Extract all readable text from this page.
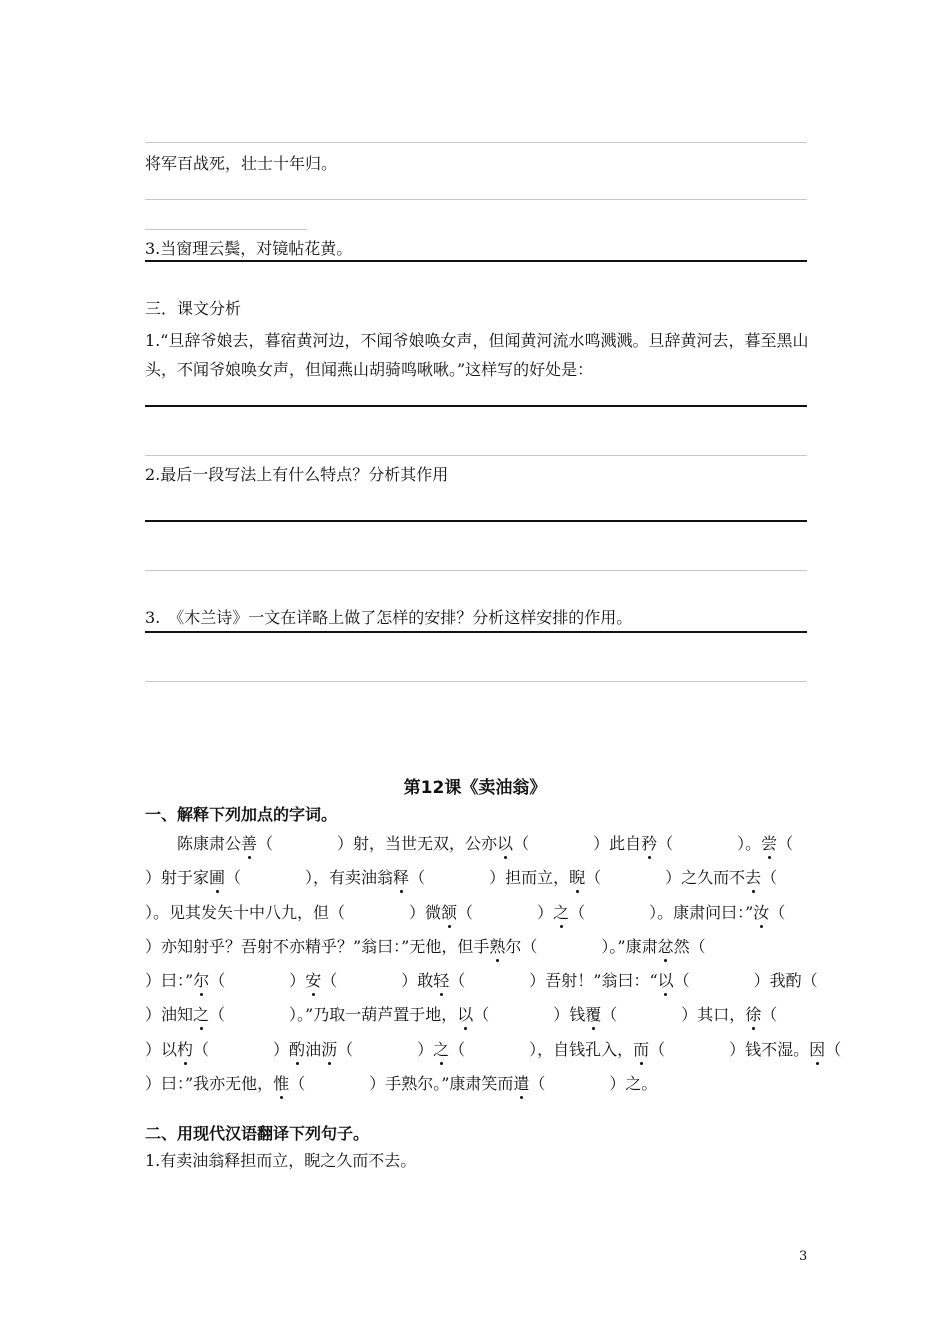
将军百战死，壮士十年归。
3.当窗理云鬓，对镜帖花黄。
三．课文分析
1.“旦辞爷娘去，暮宿黄河边，不闻爷娘唤女声，但闻黄河流水鸣溅溅。旦辞黄河去，暮至黑山头，不闻爷娘唤女声，但闻燕山胡骑鸣啾啾。”这样写的好处是：
2.最后一段写法上有什么特点？分析其作用
3.　《木兰诗》一文在详略上做了怎样的安排？分析这样安排的作用。
第12课《卖油翁》
一、解释下列加点的字词。
　　陈康肃公善（　　　　）射，当世无双，公亦以（　　　　）此自矜（　　　　）。尝（
）射于家圃（　　　　），有卖油翁释（　　　　）担而立，睨（　　　　）之久而不去（
）。见其发矢十中八九，但（　　　　）微颔（　　　　）之（　　　　）。康肃问曰：”汝（
）亦知射乎？吾射不亦精乎？”翁曰：”无他，但手熟尔（　　　　）。”康肃忿然（
）曰：”尔（　　　　）安（　　　　）敢轻（　　　　）吾射！”翁曰：“以（　　　　）我酌（
）油知之（　　　　）。”乃取一葫芦置于地，以（　　　　）钱覆（　　　　）其口，徐（
）以杓（　　　　）酌油沥（　　　　）之（　　　　），自钱孔入，而（　　　　）钱不湿。因（
）曰：”我亦无他，惟（　　　　）手熟尔。”康肃笑而遣（　　　　）之。
二、用现代汉语翻译下列句子。
1.有卖油翁释担而立，睨之久而不去。
3
